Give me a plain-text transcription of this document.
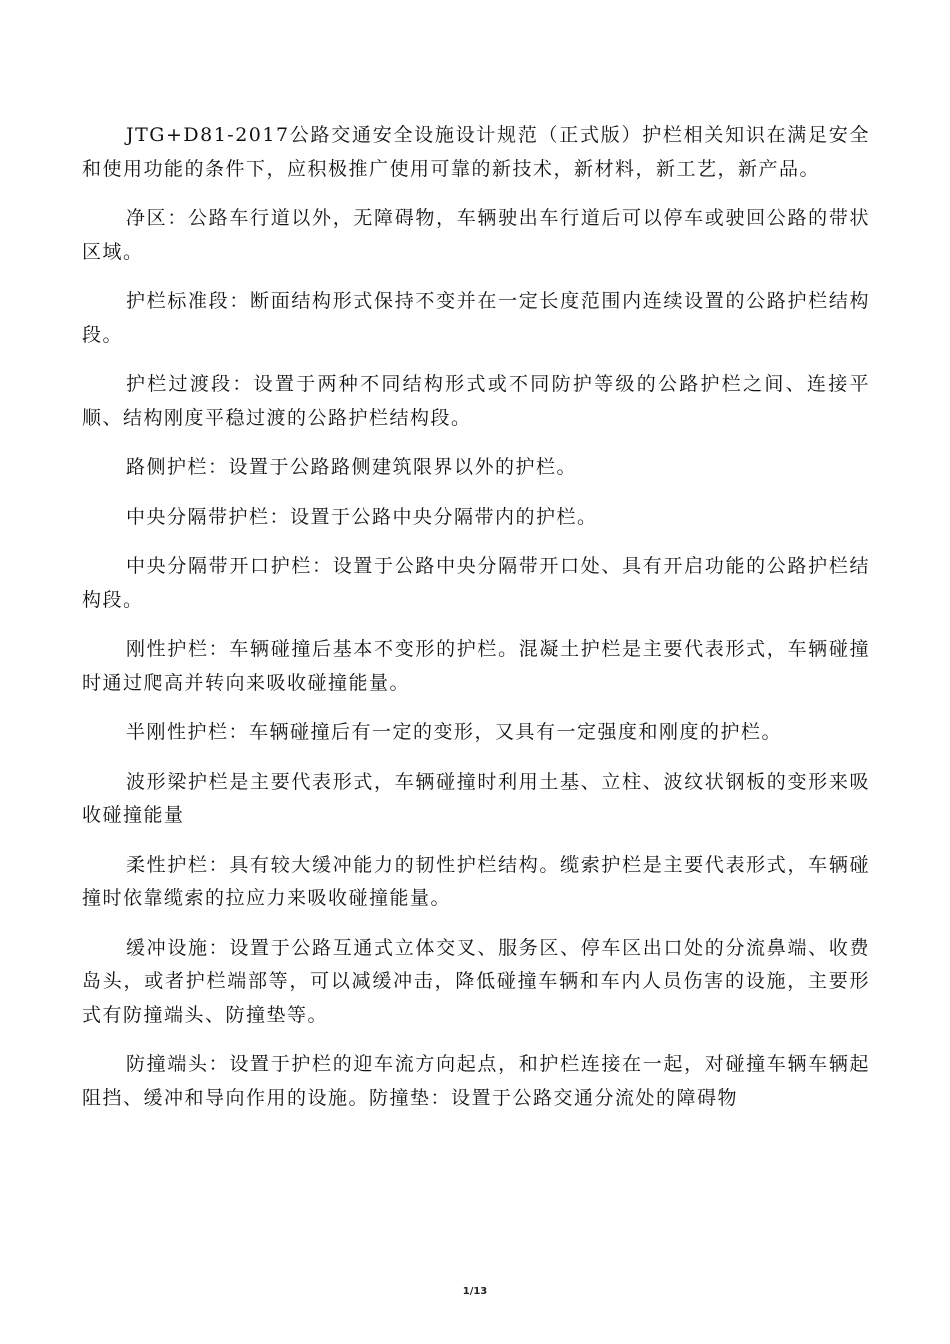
JTG+D81-2017公路交通安全设施设计规范（正式版）护栏相关知识在满足安全和使用功能的条件下，应积极推广使用可靠的新技术，新材料，新工艺，新产品。

净区：公路车行道以外，无障碍物，车辆驶出车行道后可以停车或驶回公路的带状区域。

护栏标准段：断面结构形式保持不变并在一定长度范围内连续设置的公路护栏结构段。

护栏过渡段：设置于两种不同结构形式或不同防护等级的公路护栏之间、连接平顺、结构刚度平稳过渡的公路护栏结构段。

路侧护栏：设置于公路路侧建筑限界以外的护栏。

中央分隔带护栏：设置于公路中央分隔带内的护栏。

中央分隔带开口护栏：设置于公路中央分隔带开口处、具有开启功能的公路护栏结构段。

刚性护栏：车辆碰撞后基本不变形的护栏。混凝土护栏是主要代表形式，车辆碰撞时通过爬高并转向来吸收碰撞能量。

半刚性护栏：车辆碰撞后有一定的变形，又具有一定强度和刚度的护栏。

波形梁护栏是主要代表形式，车辆碰撞时利用土基、立柱、波纹状钢板的变形来吸收碰撞能量

柔性护栏：具有较大缓冲能力的韧性护栏结构。缆索护栏是主要代表形式，车辆碰撞时依靠缆索的拉应力来吸收碰撞能量。

缓冲设施：设置于公路互通式立体交叉、服务区、停车区出口处的分流鼻端、收费岛头，或者护栏端部等，可以减缓冲击，降低碰撞车辆和车内人员伤害的设施，主要形式有防撞端头、防撞垫等。

防撞端头：设置于护栏的迎车流方向起点，和护栏连接在一起，对碰撞车辆车辆起阻挡、缓冲和导向作用的设施。防撞垫：设置于公路交通分流处的障碍物

1/13
